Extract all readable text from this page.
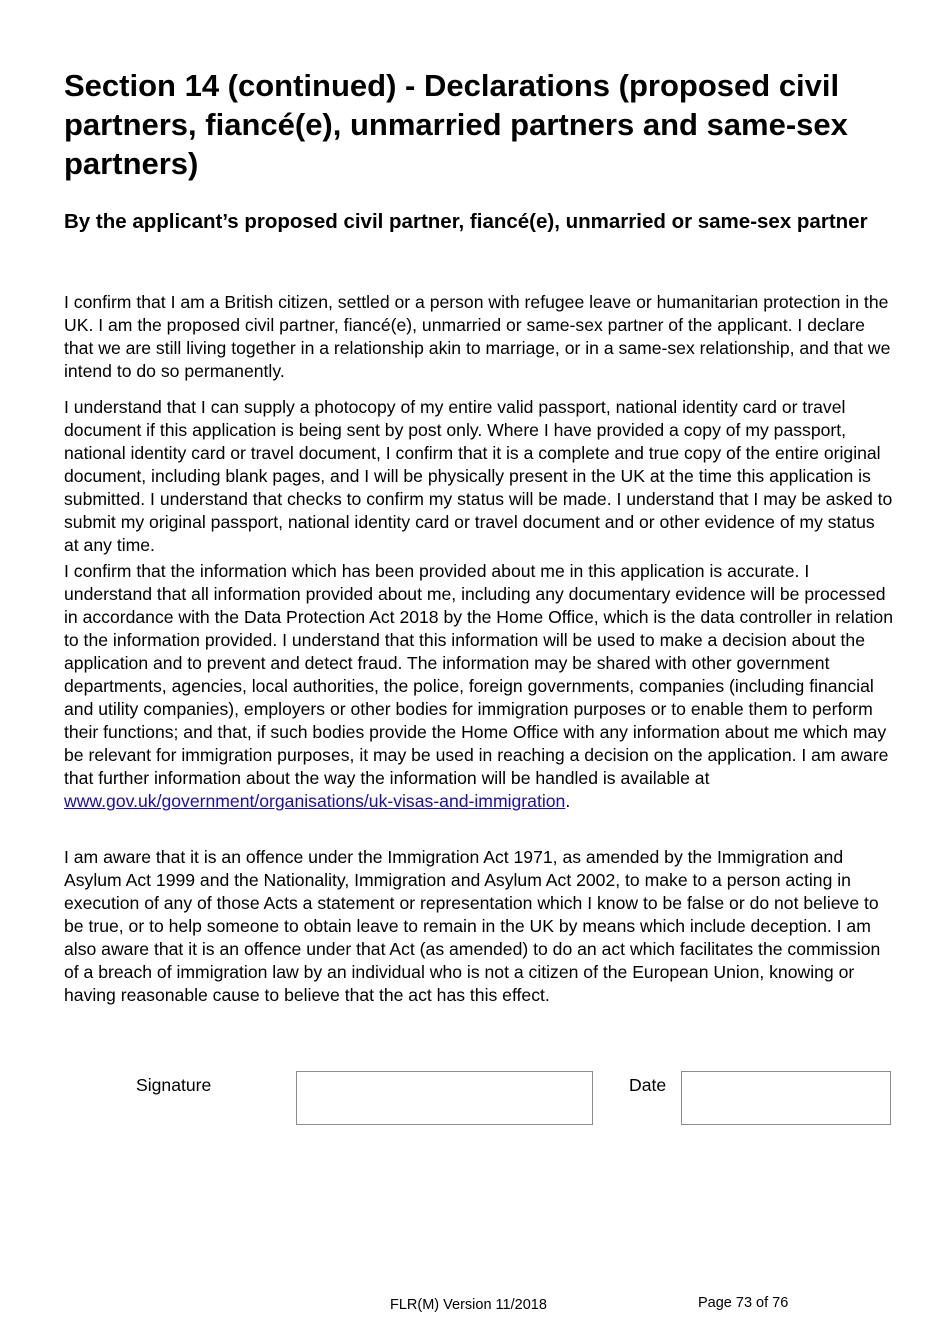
Section 14 (continued) - Declarations (proposed civil partners, fiancé(e), unmarried partners and same-sex partners)
By the applicant’s proposed civil partner, fiancé(e), unmarried or same-sex partner

I confirm that I am a British citizen, settled or a person with refugee leave or humanitarian protection in the UK. I am the proposed civil partner, fiancé(e), unmarried or same-sex partner of the applicant. I declare that we are still living together in a relationship akin to marriage, or in a same-sex relationship, and that we intend to do so permanently.

I understand that I can supply a photocopy of my entire valid passport, national identity card or travel document if this application is being sent by post only. Where I have provided a copy of my passport, national identity card or travel document, I confirm that it is a complete and true copy of the entire original document, including blank pages, and I will be physically present in the UK at the time this application is submitted. I understand that checks to confirm my status will be made. I understand that I may be asked to submit my original passport, national identity card or travel document and or other evidence of my status at any time.

I confirm that the information which has been provided about me in this application is accurate. I understand that all information provided about me, including any documentary evidence will be processed in accordance with the Data Protection Act 2018 by the Home Office, which is the data controller in relation to the information provided. I understand that this information will be used to make a decision about the application and to prevent and detect fraud. The information may be shared with other government departments, agencies, local authorities, the police, foreign governments, companies (including financial and utility companies), employers or other bodies for immigration purposes or to enable them to perform their functions; and that, if such bodies provide the Home Office with any information about me which may be relevant for immigration purposes, it may be used in reaching a decision on the application. I am aware that further information about the way the information will be handled is available at www.gov.uk/government/organisations/uk-visas-and-immigration.

I am aware that it is an offence under the Immigration Act 1971, as amended by the Immigration and Asylum Act 1999 and the Nationality, Immigration and Asylum Act 2002, to make to a person acting in execution of any of those Acts a statement or representation which I know to be false or do not believe to be true, or to help someone to obtain leave to remain in the UK by means which include deception. I am also aware that it is an offence under that Act (as amended) to do an act which facilitates the commission of a breach of immigration law by an individual who is not a citizen of the European Union, knowing or having reasonable cause to believe that the act has this effect.

Signature	Date
FLR(M) Version 11/2018	Page 73 of 76
